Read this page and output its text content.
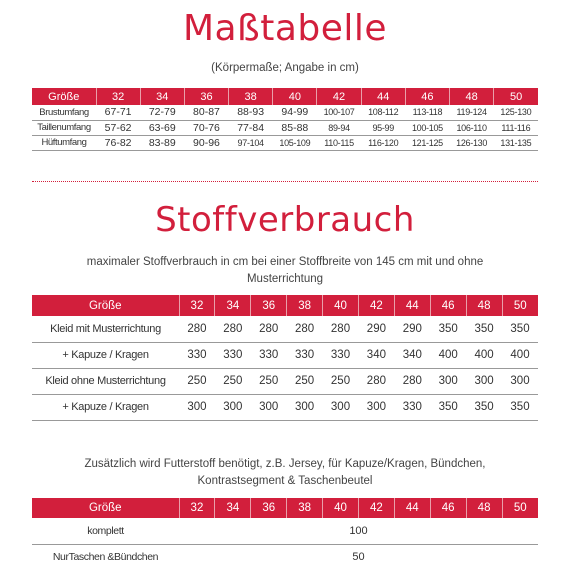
Maßtabelle
(Körpermaße; Angabe in cm)
Größe	32	34	36	38	40	42	44	46	48	50
Brustumfang	67-71	72-79	80-87	88-93	94-99	100-107	108-112	113-118	119-124	125-130
Taillenumfang	57-62	63-69	70-76	77-84	85-88	89-94	95-99	100-105	106-110	111-116
Hüftumfang	76-82	83-89	90-96	97-104	105-109	110-115	116-120	121-125	126-130	131-135
Stoffverbrauch
maximaler Stoffverbrauch in cm bei einer Stoffbreite von 145 cm mit und ohne Musterrichtung
Größe	32	34	36	38	40	42	44	46	48	50
Kleid mit Musterrichtung	280	280	280	280	280	290	290	350	350	350
+ Kapuze / Kragen	330	330	330	330	330	340	340	400	400	400
Kleid ohne Musterrichtung	250	250	250	250	250	280	280	300	300	300
+ Kapuze / Kragen	300	300	300	300	300	300	330	350	350	350
Zusätzlich wird Futterstoff benötigt, z.B. Jersey, für Kapuze/Kragen, Bündchen, Kontrastsegment & Taschenbeutel
Größe	32	34	36	38	40	42	44	46	48	50
komplett	100									
NurTaschen &Bündchen	50									
